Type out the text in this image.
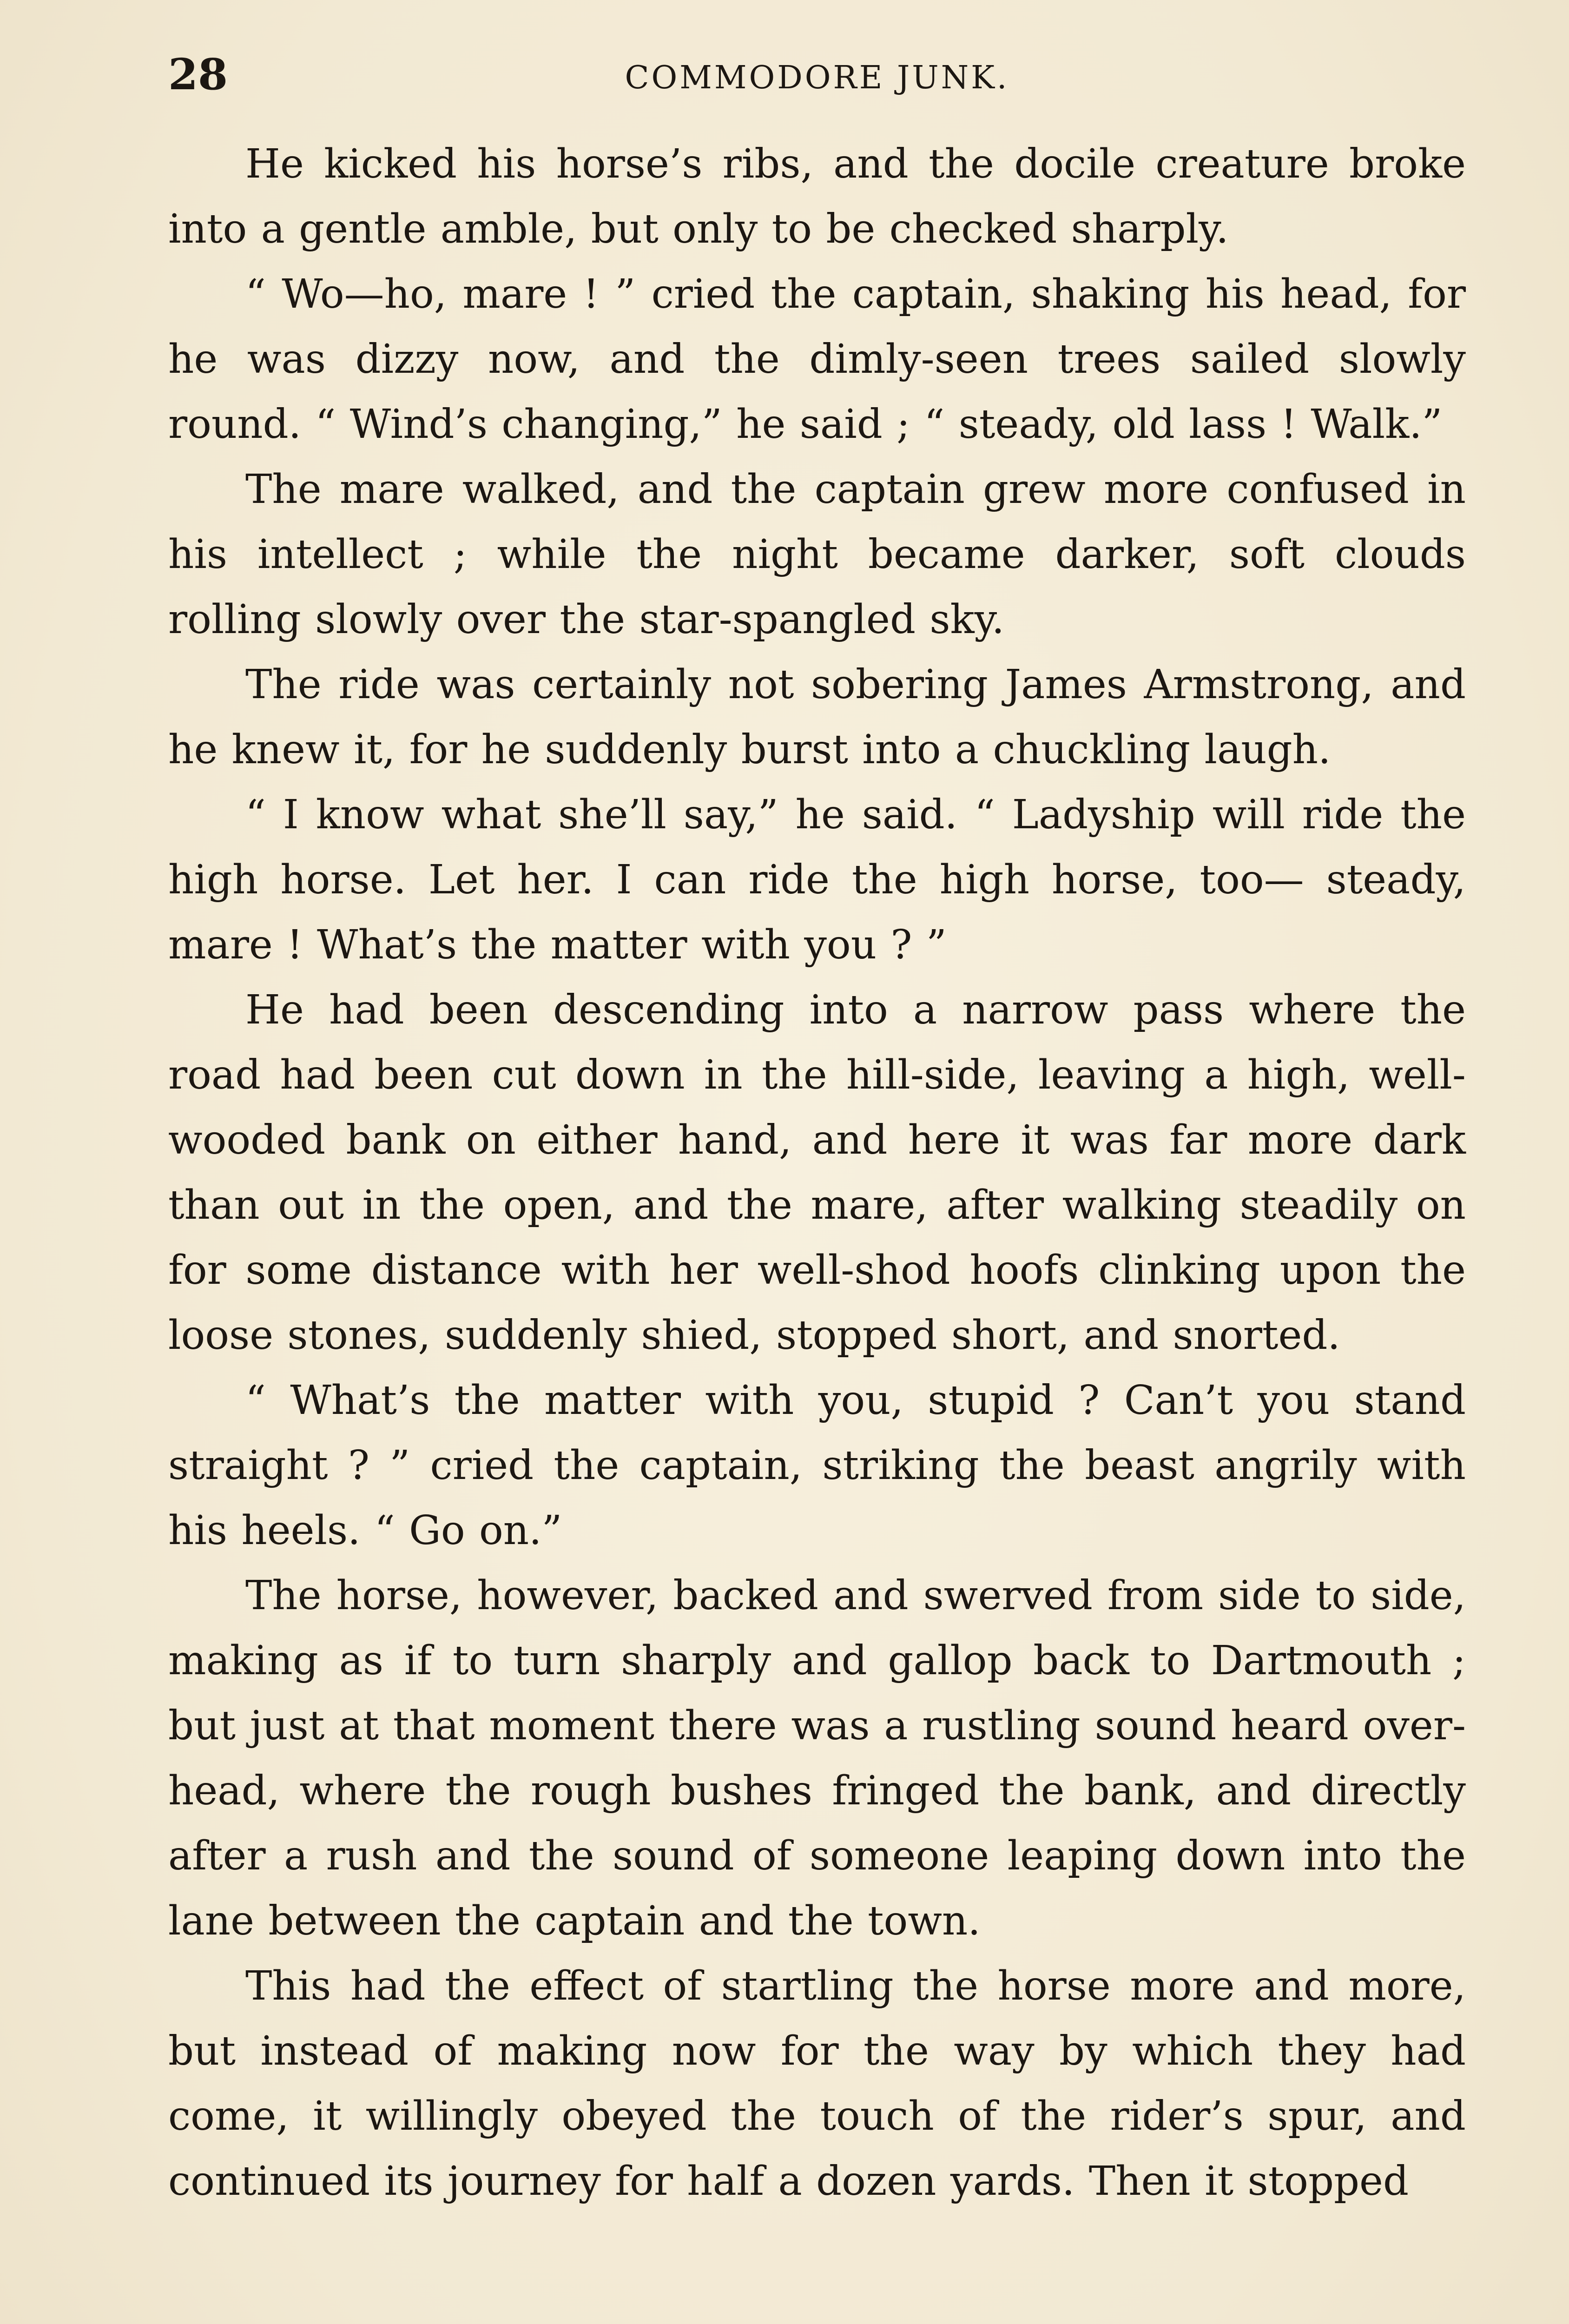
28	COMMODORE JUNK.

He kicked his horse’s ribs, and the docile creature broke into a gentle amble, but only to be checked sharply.

“ Wo—ho, mare ! ” cried the captain, shaking his head, for he was dizzy now, and the dimly-seen trees sailed slowly round. “ Wind’s changing,” he said ; “ steady, old lass ! Walk.”

The mare walked, and the captain grew more confused in his intellect ; while the night became darker, soft clouds rolling slowly over the star-spangled sky.

The ride was certainly not sobering James Armstrong, and he knew it, for he suddenly burst into a chuckling laugh.

“ I know what she’ll say,” he said. “ Ladyship will ride the high horse. Let her. I can ride the high horse, too— steady, mare ! What’s the matter with you ? ”

He had been descending into a narrow pass where the road had been cut down in the hill-side, leaving a high, well-wooded bank on either hand, and here it was far more dark than out in the open, and the mare, after walking steadily on for some distance with her well-shod hoofs clinking upon the loose stones, suddenly shied, stopped short, and snorted.

“ What’s the matter with you, stupid ? Can’t you stand straight ? ” cried the captain, striking the beast angrily with his heels. “ Go on.”

The horse, however, backed and swerved from side to side, making as if to turn sharply and gallop back to Dartmouth ; but just at that moment there was a rustling sound heard over-head, where the rough bushes fringed the bank, and directly after a rush and the sound of someone leaping down into the lane between the captain and the town.

This had the effect of startling the horse more and more, but instead of making now for the way by which they had come, it willingly obeyed the touch of the rider’s spur, and continued its journey for half a dozen yards. Then it stopped
